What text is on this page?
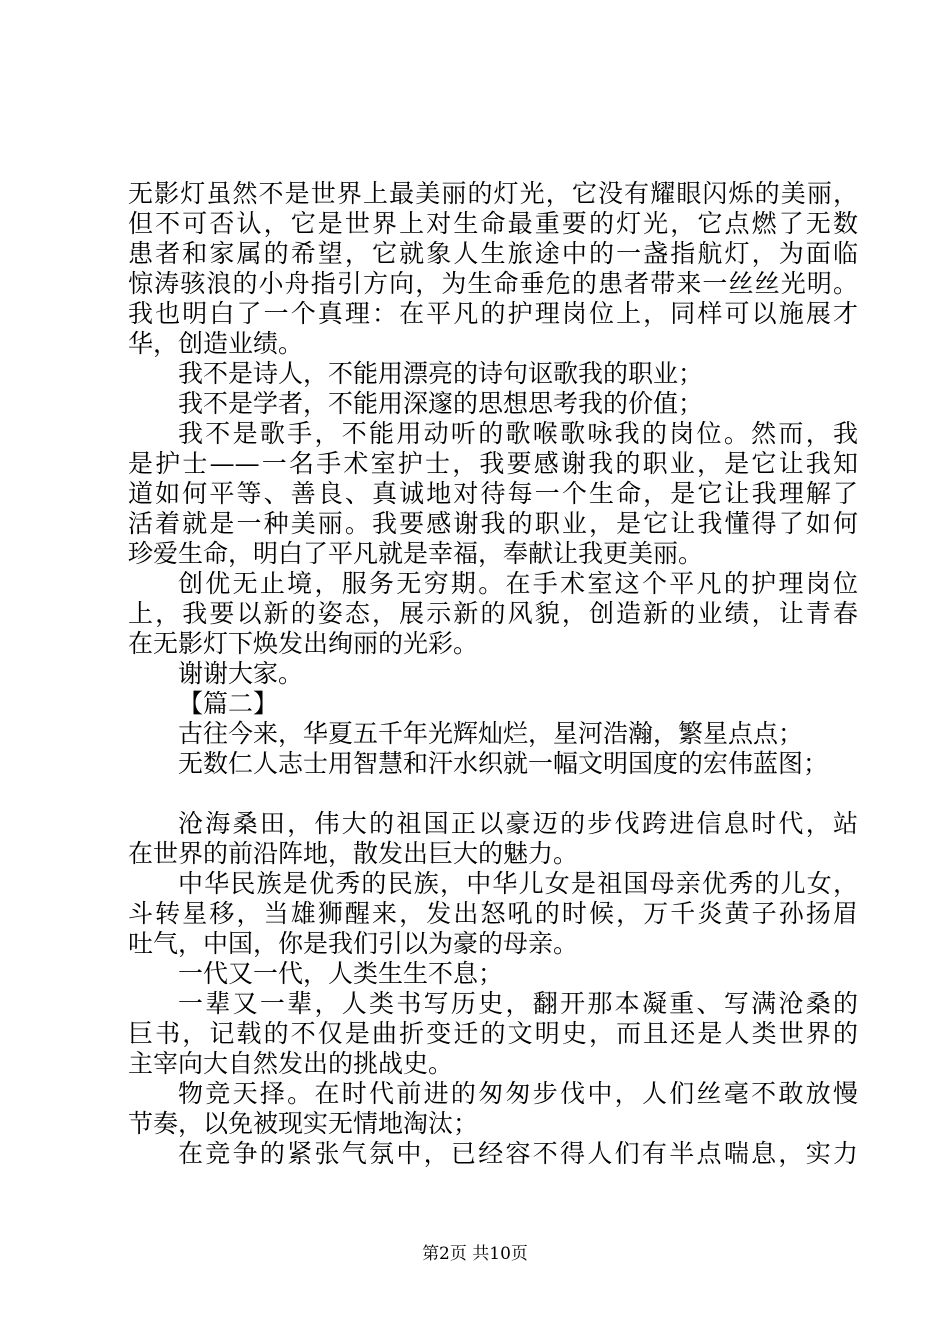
无影灯虽然不是世界上最美丽的灯光，它没有耀眼闪烁的美丽，
但不可否认，它是世界上对生命最重要的灯光，它点燃了无数
患者和家属的希望，它就象人生旅途中的一盏指航灯，为面临
惊涛骇浪的小舟指引方向，为生命垂危的患者带来一丝丝光明。
我也明白了一个真理：在平凡的护理岗位上，同样可以施展才
华，创造业绩。
我不是诗人，不能用漂亮的诗句讴歌我的职业；
我不是学者，不能用深邃的思想思考我的价值；
我不是歌手，不能用动听的歌喉歌咏我的岗位。然而，我
是护士——一名手术室护士，我要感谢我的职业，是它让我知
道如何平等、善良、真诚地对待每一个生命，是它让我理解了
活着就是一种美丽。我要感谢我的职业，是它让我懂得了如何
珍爱生命，明白了平凡就是幸福，奉献让我更美丽。
创优无止境，服务无穷期。在手术室这个平凡的护理岗位
上，我要以新的姿态，展示新的风貌，创造新的业绩，让青春
在无影灯下焕发出绚丽的光彩。
谢谢大家。
【篇二】
古往今来，华夏五千年光辉灿烂，星河浩瀚，繁星点点；
无数仁人志士用智慧和汗水织就一幅文明国度的宏伟蓝图；
沧海桑田，伟大的祖国正以豪迈的步伐跨进信息时代，站
在世界的前沿阵地，散发出巨大的魅力。
中华民族是优秀的民族，中华儿女是祖国母亲优秀的儿女，
斗转星移，当雄狮醒来，发出怒吼的时候，万千炎黄子孙扬眉
吐气，中国，你是我们引以为豪的母亲。
一代又一代，人类生生不息；
一辈又一辈，人类书写历史，翻开那本凝重、写满沧桑的
巨书，记载的不仅是曲折变迁的文明史，而且还是人类世界的
主宰向大自然发出的挑战史。
物竞天择。在时代前进的匆匆步伐中，人们丝毫不敢放慢
节奏，以免被现实无情地淘汰；
在竞争的紧张气氛中，已经容不得人们有半点喘息，实力
第2页 共10页
